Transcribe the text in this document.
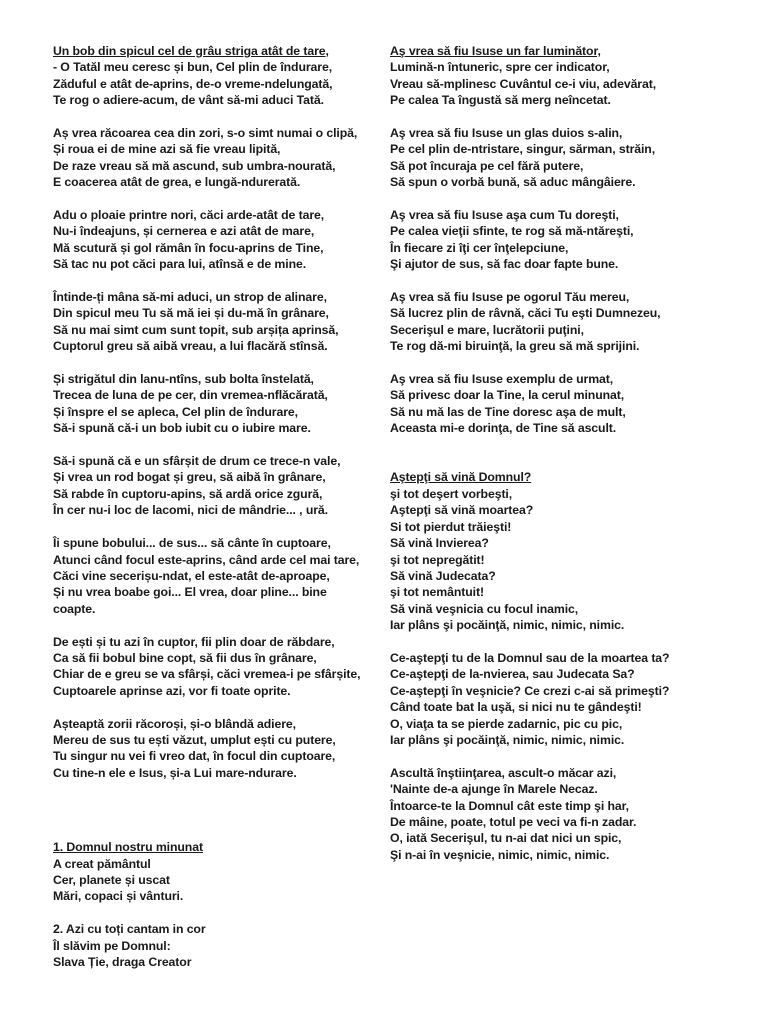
Un bob din spicul cel de grâu striga atât de tare,
- O Tatăl meu ceresc și bun, Cel plin de îndurare,
Zăduful e atât de-aprins, de-o vreme-ndelungată,
Te rog o adiere-acum, de vânt să-mi aduci Tată.
Aș vrea răcoarea cea din zori, s-o simt numai o clipă,
Și roua ei de mine azi să fie vreau lipită,
De raze vreau să mă ascund, sub umbra-nourată,
E coacerea atât de grea, e lungă-ndurerată.
Adu o ploaie printre nori, căci arde-atât de tare,
Nu-i îndeajuns, și cernerea e azi atât de mare,
Mă scutură și gol rămân în focu-aprins de Tine,
Să tac nu pot căci para lui, atînsă e de mine.
Întinde-ți mâna să-mi aduci, un strop de alinare,
Din spicul meu Tu să mă iei și du-mă în grânare,
Să nu mai simt cum sunt topit, sub arșița aprinsă,
Cuptorul greu să aibă vreau, a lui flacără stînsă.
Și strigătul din lanu-ntîns, sub bolta înstelată,
Trecea de luna de pe cer, din vremea-nflăcărată,
Și înspre el se apleca, Cel plin de îndurare,
Să-i spună că-i un bob iubit cu o iubire mare.
Să-i spună că e un sfârșit de drum ce trece-n vale,
Și vrea un rod bogat și greu, să aibă în grânare,
Să rabde în cuptoru-apins, să ardă orice zgură,
În cer nu-i loc de lacomi, nici de mândrie... , ură.
Îi spune bobului... de sus... să cânte în cuptoare,
Atunci când focul este-aprins, când arde cel mai tare,
Căci vine secerișu-ndat, el este-atât de-aproape,
Și nu vrea boabe goi... El vrea, doar pline... bine
coapte.
De ești și tu azi în cuptor, fii plin doar de răbdare,
Ca să fii bobul bine copt, să fii dus în grânare,
Chiar de e greu se va sfârși, căci vremea-i pe sfârșite,
Cuptoarele aprinse azi, vor fi toate oprite.
Așteaptă zorii răcoroși, și-o blândă adiere,
Mereu de sus tu ești văzut, umplut ești cu putere,
Tu singur nu vei fi vreo dat, în focul din cuptoare,
Cu tine-n ele e Isus, și-a Lui mare-ndurare.
1. Domnul nostru minunat
A creat pământul
Cer, planete și uscat
Mări, copaci și vânturi.
2. Azi cu toți cantam in cor
Îl slăvim pe Domnul:
Slava Ție, draga Creator
Aş vrea să fiu Isuse un far luminător,
Lumină-n întuneric, spre cer indicator,
Vreau să-mplinesc Cuvântul ce-i viu, adevărat,
Pe calea Ta îngustă să merg neîncetat.
Aş vrea să fiu Isuse un glas duios s-alin,
Pe cel plin de-ntristare, singur, sărman, străin,
Să pot încuraja pe cel fără putere,
Să spun o vorbă bună, să aduc mângâiere.
Aş vrea să fiu Isuse aşa cum Tu doreşti,
Pe calea vieţii sfinte, te rog să mă-ntăreşti,
În fiecare zi îţi cer înţelepciune,
Şi ajutor de sus, să fac doar fapte bune.
Aş vrea să fiu Isuse pe ogorul Tău mereu,
Să lucrez plin de râvnă, căci Tu eşti Dumnezeu,
Secerişul e mare, lucrătorii puţini,
Te rog dă-mi biruinţă, la greu să mă sprijini.
Aş vrea să fiu Isuse exemplu de urmat,
Să privesc doar la Tine, la cerul minunat,
Să nu mă las de Tine doresc aşa de mult,
Aceasta mi-e dorinţa, de Tine să ascult.
Aştepţi să vină Domnul?
şi tot deşert vorbeşti,
Aştepţi să vină moartea?
Si tot pierdut trăieşti!
Să vină Invierea?
şi tot nepregătit!
Să vină Judecata?
şi tot nemântuit!
Să vină veşnicia cu focul inamic,
Iar plâns şi pocăinţă, nimic, nimic, nimic.
Ce-aştepţi tu de la Domnul sau de la moartea ta?
Ce-aştepţi de la-nvierea, sau Judecata Sa?
Ce-aştepţi în veşnicie? Ce crezi c-ai să primeşti?
Când toate bat la uşă, si nici nu te gândeşti!
O, viaţa ta se pierde zadarnic, pic cu pic,
Iar plâns şi pocăinţă, nimic, nimic, nimic.
Ascultă înştiinţarea, ascult-o măcar azi,
'Nainte de-a ajunge în Marele Necaz.
Întoarce-te la Domnul cât este timp şi har,
De mâine, poate, totul pe veci va fi-n zadar.
O, iată Secerişul, tu n-ai dat nici un spic,
Şi n-ai în veşnicie, nimic, nimic, nimic.
